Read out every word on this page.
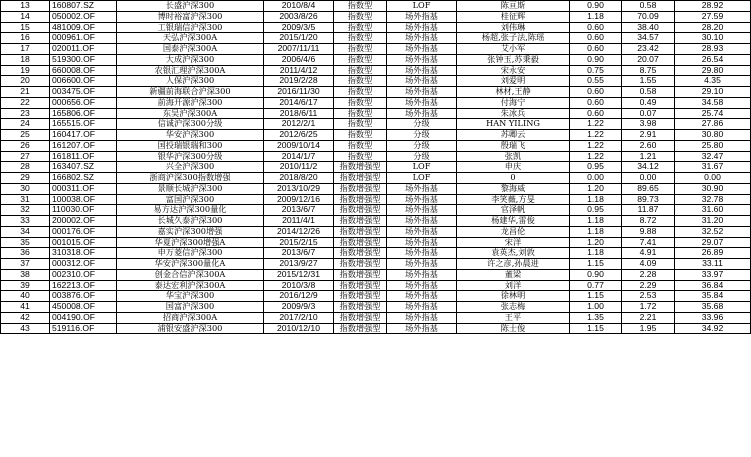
13	160807.SZ	长盛沪深300	2010/8/4	指数型	LOF	陈亘斯	0.90	0.58	28.92
14	050002.OF	博时裕富沪深300	2003/8/26	指数型	场外指基	桂征辉	1.18	70.09	27.59
15	481009.OF	工银瑞信沪深300	2009/3/5	指数型	场外指基	刘伟琳	0.60	38.40	28.20
16	000961.OF	天弘沪深300A	2015/1/20	指数型	场外指基	杨超,张子法,陈瑶	0.60	34.57	30.10
17	020011.OF	国泰沪深300A	2007/11/11	指数型	场外指基	艾小军	0.60	23.42	28.93
18	519300.OF	大成沪深300	2006/4/6	指数型	场外指基	张钟玉,苏秉毅	0.90	20.07	26.54
19	660008.OF	农银汇理沪深300A	2011/4/12	指数型	场外指基	宋永安	0.75	8.75	29.80
20	006600.OF	人保沪深300	2019/2/28	指数型	场外指基	刘爱明	0.55	1.55	4.35
21	003475.OF	新疆前海联合沪深300	2016/11/30	指数型	场外指基	林材,王静	0.60	0.58	29.10
22	000656.OF	前海开源沪深300	2014/6/17	指数型	场外指基	付海宁	0.60	0.49	34.58
23	165806.OF	东吴沪深300A	2018/6/11	指数型	场外指基	朱冰兵	0.60	0.07	25.74
24	165515.OF	信诚沪深300分级	2012/2/1	指数型	分级	HAN YILING	1.22	3.98	27.86
25	160417.OF	华安沪深300	2012/6/25	指数型	分级	苏卿云	1.22	2.91	30.80
26	161207.OF	国投瑞银瑞和300	2009/10/14	指数型	分级	殷瑞飞	1.22	2.60	25.80
27	161811.OF	银华沪深300分级	2014/1/7	指数型	分级	张凯	1.22	1.21	32.47
28	163407.SZ	兴全沪深300	2010/11/2	指数增强型	LOF	申庆	0.95	34.12	31.67
29	166802.SZ	浙商沪深300指数增强	2018/8/20	指数增强型	LOF	0	0.00	0.00	0.00
30	000311.OF	景顺长城沪深300	2013/10/29	指数增强型	场外指基	黎海威	1.20	89.65	30.90
31	100038.OF	富国沪深300	2009/12/16	指数增强型	场外指基	李笑薇,方旻	1.18	89.73	32.78
32	110030.OF	易方达沪深300量化	2013/6/7	指数增强型	场外指基	官泽帆	0.95	11.87	31.60
33	200002.OF	长城久泰沪深300	2011/4/1	指数增强型	场外指基	杨建华,雷俊	1.18	8.72	31.20
34	000176.OF	嘉实沪深300增强	2014/12/26	指数增强型	场外指基	龙昌伦	1.18	9.88	32.52
35	001015.OF	华夏沪深300增强A	2015/2/15	指数增强型	场外指基	宋洋	1.20	7.41	29.07
36	310318.OF	申万菱信沪深300	2013/6/7	指数增强型	场外指基	袁英杰,刘敦	1.18	4.91	26.89
37	000312.OF	华安沪深300量化A	2013/9/27	指数增强型	场外指基	许之彦,孙晨进	1.15	4.09	33.11
38	002310.OF	创金合信沪深300A	2015/12/31	指数增强型	场外指基	董梁	0.90	2.28	33.97
39	162213.OF	泰达宏利沪深300A	2010/3/8	指数增强型	场外指基	刘洋	0.77	2.29	36.84
40	003876.OF	华宝沪深300	2016/12/9	指数增强型	场外指基	徐林明	1.15	2.53	35.84
41	450008.OF	国富沪深300	2009/9/3	指数增强型	场外指基	张志梅	1.00	1.72	35.68
42	004190.OF	招商沪深300A	2017/2/10	指数增强型	场外指基	王平	1.35	2.21	33.96
43	519116.OF	浦银安盛沪深300	2010/12/10	指数增强型	场外指基	陈士俊	1.15	1.95	34.92
